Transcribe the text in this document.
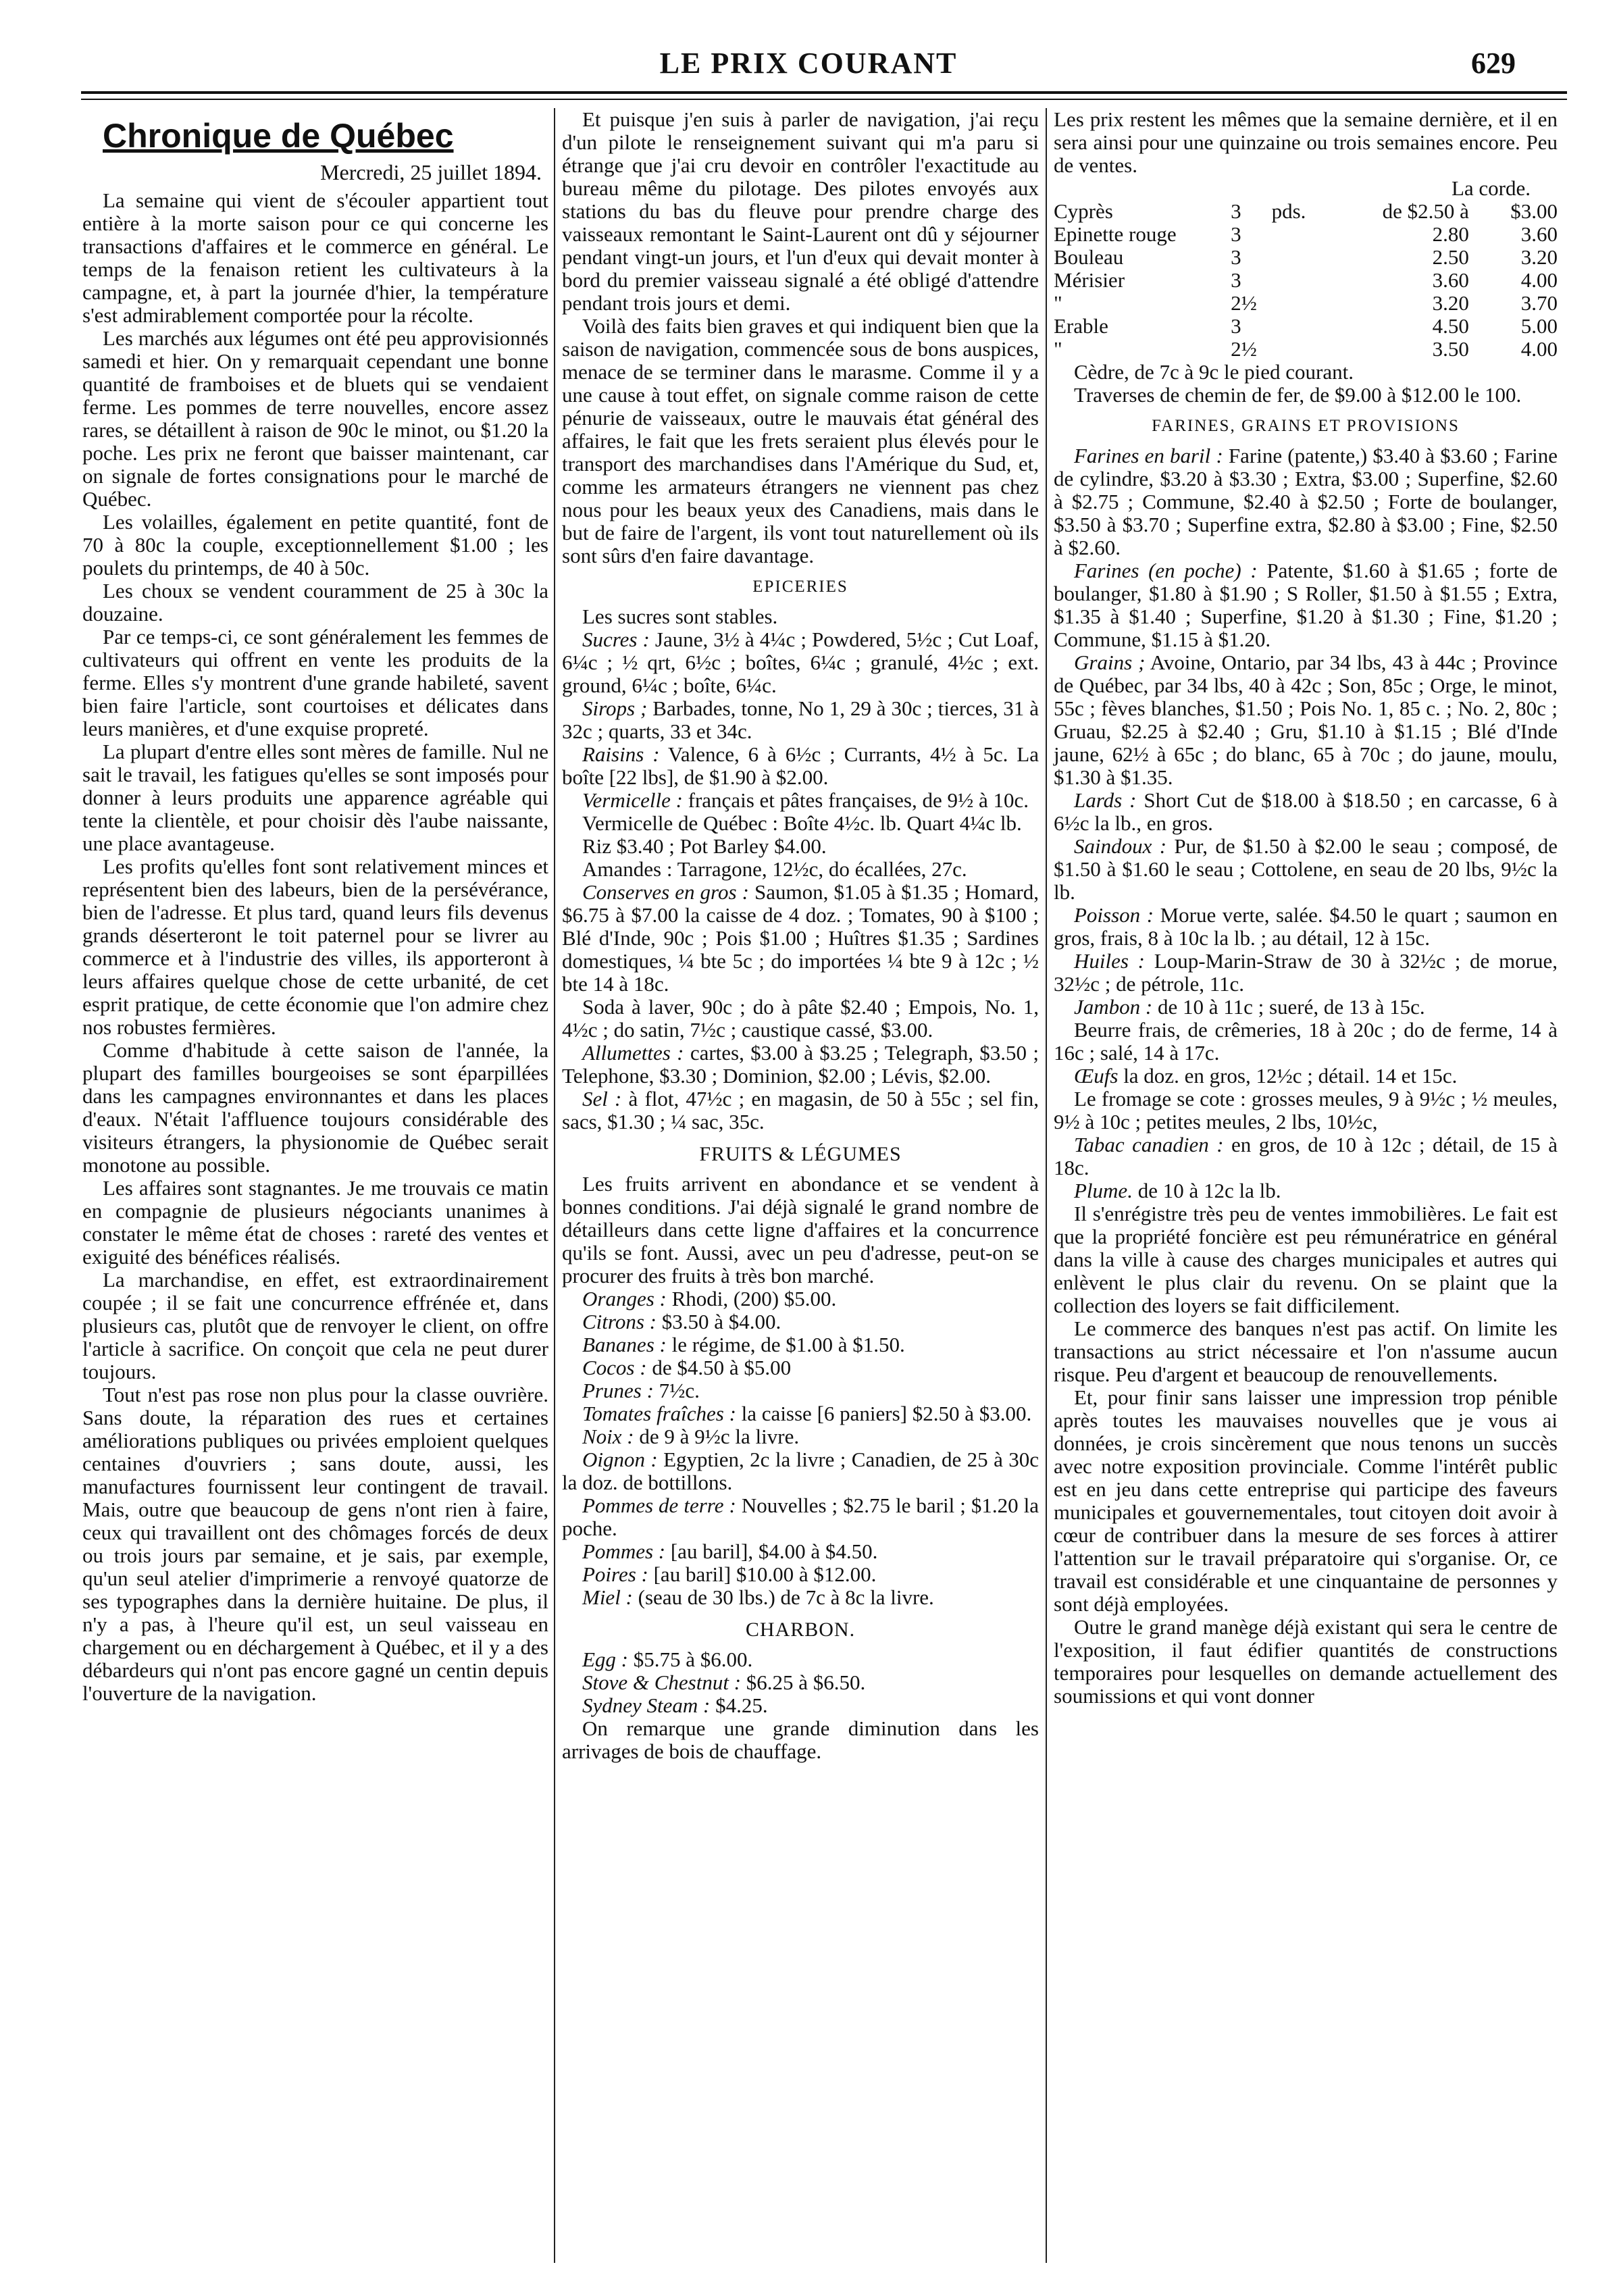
LE PRIX COURANT	629
Chronique de Québec
Mercredi, 25 juillet 1894.

La semaine qui vient de s'écouler appartient tout entière à la morte saison pour ce qui concerne les transactions d'affaires et le commerce en général. Le temps de la fenaison retient les cultivateurs à la campagne, et, à part la journée d'hier, la température s'est admirablement comportée pour la récolte.

Les marchés aux légumes ont été peu approvisionnés samedi et hier. On y remarquait cependant une bonne quantité de framboises et de bluets qui se vendaient ferme. Les pommes de terre nouvelles, encore assez rares, se détaillent à raison de 90c le minot, ou $1.20 la poche. Les prix ne feront que baisser maintenant, car on signale de fortes consignations pour le marché de Québec.

Les volailles, également en petite quantité, font de 70 à 80c la couple, exceptionnellement $1.00 ; les poulets du printemps, de 40 à 50c.

Les choux se vendent couramment de 25 à 30c la douzaine.

Par ce temps-ci, ce sont généralement les femmes de cultivateurs qui offrent en vente les produits de la ferme. Elles s'y montrent d'une grande habileté, savent bien faire l'article, sont courtoises et délicates dans leurs manières, et d'une exquise propreté.

La plupart d'entre elles sont mères de famille. Nul ne sait le travail, les fatigues qu'elles se sont imposés pour donner à leurs produits une apparence agréable qui tente la clientèle, et pour choisir dès l'aube naissante, une place avantageuse.

Les profits qu'elles font sont relativement minces et représentent bien des labeurs, bien de la persévérance, bien de l'adresse. Et plus tard, quand leurs fils devenus grands déserteront le toit paternel pour se livrer au commerce et à l'industrie des villes, ils apporteront à leurs affaires quelque chose de cette urbanité, de cet esprit pratique, de cette économie que l'on admire chez nos robustes fermières.

Comme d'habitude à cette saison de l'année, la plupart des familles bourgeoises se sont éparpillées dans les campagnes environnantes et dans les places d'eaux. N'était l'affluence toujours considérable des visiteurs étrangers, la physionomie de Québec serait monotone au possible.

Les affaires sont stagnantes. Je me trouvais ce matin en compagnie de plusieurs négociants unanimes à constater le même état de choses : rareté des ventes et exiguité des bénéfices réalisés.

La marchandise, en effet, est extraordinairement coupée ; il se fait une concurrence effrénée et, dans plusieurs cas, plutôt que de renvoyer le client, on offre l'article à sacrifice. On conçoit que cela ne peut durer toujours.

Tout n'est pas rose non plus pour la classe ouvrière. Sans doute, la réparation des rues et certaines améliorations publiques ou privées emploient quelques centaines d'ouvriers ; sans doute, aussi, les manufactures fournissent leur contingent de travail. Mais, outre que beaucoup de gens n'ont rien à faire, ceux qui travaillent ont des chômages forcés de deux ou trois jours par semaine, et je sais, par exemple, qu'un seul atelier d'imprimerie a renvoyé quatorze de ses typographes dans la dernière huitaine. De plus, il n'y a pas, à l'heure qu'il est, un seul vaisseau en chargement ou en déchargement à Québec, et il y a des débardeurs qui n'ont pas encore gagné un centin depuis l'ouverture de la navigation.

Et puisque j'en suis à parler de navigation, j'ai reçu d'un pilote le renseignement suivant qui m'a paru si étrange que j'ai cru devoir en contrôler l'exactitude au bureau même du pilotage. Des pilotes envoyés aux stations du bas du fleuve pour prendre charge des vaisseaux remontant le Saint-Laurent ont dû y séjourner pendant vingt-un jours, et l'un d'eux qui devait monter à bord du premier vaisseau signalé a été obligé d'attendre pendant trois jours et demi.

Voilà des faits bien graves et qui indiquent bien que la saison de navigation, commencée sous de bons auspices, menace de se terminer dans le marasme. Comme il y a une cause à tout effet, on signale comme raison de cette pénurie de vaisseaux, outre le mauvais état général des affaires, le fait que les frets seraient plus élevés pour le transport des marchandises dans l'Amérique du Sud, et, comme les armateurs étrangers ne viennent pas chez nous pour les beaux yeux des Canadiens, mais dans le but de faire de l'argent, ils vont tout naturellement où ils sont sûrs d'en faire davantage.

EPICERIES

Les sucres sont stables.

Sucres : Jaune, 3½ à 4¼c ; Powdered, 5½c ; Cut Loaf, 6¼c ; ½ qrt, 6½c ; boîtes, 6¼c ; granulé, 4½c ; ext. ground, 6¼c ; boîte, 6¼c.

Sirops ; Barbades, tonne, No 1, 29 à 30c ; tierces, 31 à 32c ; quarts, 33 et 34c.

Raisins : Valence, 6 à 6½c ; Currants, 4½ à 5c. La boîte [22 lbs], de $1.90 à $2.00.

Vermicelle : français et pâtes françaises, de 9½ à 10c.

Vermicelle de Québec : Boîte 4½c. lb. Quart 4¼c lb.

Riz $3.40 ; Pot Barley $4.00.

Amandes : Tarragone, 12½c, do écallées, 27c.

Conserves en gros : Saumon, $1.05 à $1.35 ; Homard, $6.75 à $7.00 la caisse de 4 doz. ; Tomates, 90 à $100 ; Blé d'Inde, 90c ; Pois $1.00 ; Huîtres $1.35 ; Sardines domestiques, ¼ bte 5c ; do importées ¼ bte 9 à 12c ; ½ bte 14 à 18c.

Soda à laver, 90c ; do à pâte $2.40 ; Empois, No. 1, 4½c ; do satin, 7½c ; caustique cassé, $3.00.

Allumettes : cartes, $3.00 à $3.25 ; Telegraph, $3.50 ; Telephone, $3.30 ; Dominion, $2.00 ; Lévis, $2.00.

Sel : à flot, 47½c ; en magasin, de 50 à 55c ; sel fin, sacs, $1.30 ; ¼ sac, 35c.

FRUITS & LÉGUMES

Les fruits arrivent en abondance et se vendent à bonnes conditions. J'ai déjà signalé le grand nombre de détailleurs dans cette ligne d'affaires et la concurrence qu'ils se font. Aussi, avec un peu d'adresse, peut-on se procurer des fruits à très bon marché.

Oranges : Rhodi, (200) $5.00.

Citrons : $3.50 à $4.00.

Bananes : le régime, de $1.00 à $1.50.

Cocos : de $4.50 à $5.00

Prunes : 7½c.

Tomates fraîches : la caisse [6 paniers] $2.50 à $3.00.

Noix : de 9 à 9½c la livre.

Oignon : Egyptien, 2c la livre ; Canadien, de 25 à 30c la doz. de bottillons.

Pommes de terre : Nouvelles ; $2.75 le baril ; $1.20 la poche.

Pommes : [au baril], $4.00 à $4.50.

Poires : [au baril] $10.00 à $12.00.

Miel : (seau de 30 lbs.) de 7c à 8c la livre.

CHARBON.

Egg : $5.75 à $6.00.

Stove & Chestnut : $6.25 à $6.50.

Sydney Steam : $4.25.

On remarque une grande diminution dans les arrivages de bois de chauffage.

Les prix restent les mêmes que la semaine dernière, et il en sera ainsi pour une quinzaine ou trois semaines encore. Peu de ventes.

La corde.
Cyprès	3	pds.	de $2.50 à	$3.00
Epinette rouge	3		2.80	3.60
Bouleau	3		2.50	3.20
Mérisier	3		3.60	4.00
"	2½		3.20	3.70
Erable	3		4.50	5.00
"	2½		3.50	4.00

Cèdre, de 7c à 9c le pied courant.

Traverses de chemin de fer, de $9.00 à $12.00 le 100.

FARINES, GRAINS ET PROVISIONS

Farines en baril : Farine (patente,) $3.40 à $3.60 ; Farine de cylindre, $3.20 à $3.30 ; Extra, $3.00 ; Superfine, $2.60 à $2.75 ; Commune, $2.40 à $2.50 ; Forte de boulanger, $3.50 à $3.70 ; Superfine extra, $2.80 à $3.00 ; Fine, $2.50 à $2.60.

Farines (en poche) : Patente, $1.60 à $1.65 ; forte de boulanger, $1.80 à $1.90 ; S Roller, $1.50 à $1.55 ; Extra, $1.35 à $1.40 ; Superfine, $1.20 à $1.30 ; Fine, $1.20 ; Commune, $1.15 à $1.20.

Grains ; Avoine, Ontario, par 34 lbs, 43 à 44c ; Province de Québec, par 34 lbs, 40 à 42c ; Son, 85c ; Orge, le minot, 55c ; fèves blanches, $1.50 ; Pois No. 1, 85 c. ; No. 2, 80c ; Gruau, $2.25 à $2.40 ; Gru, $1.10 à $1.15 ; Blé d'Inde jaune, 62½ à 65c ; do blanc, 65 à 70c ; do jaune, moulu, $1.30 à $1.35.

Lards : Short Cut de $18.00 à $18.50 ; en carcasse, 6 à 6½c la lb., en gros.

Saindoux : Pur, de $1.50 à $2.00 le seau ; composé, de $1.50 à $1.60 le seau ; Cottolene, en seau de 20 lbs, 9½c la lb.

Poisson : Morue verte, salée. $4.50 le quart ; saumon en gros, frais, 8 à 10c la lb. ; au détail, 12 à 15c.

Huiles : Loup-Marin-Straw de 30 à 32½c ; de morue, 32½c ; de pétrole, 11c.

Jambon : de 10 à 11c ; sueré, de 13 à 15c.

Beurre frais, de crêmeries, 18 à 20c ; do de ferme, 14 à 16c ; salé, 14 à 17c.

Œufs la doz. en gros, 12½c ; détail. 14 et 15c.

Le fromage se cote : grosses meules, 9 à 9½c ; ½ meules, 9½ à 10c ; petites meules, 2 lbs, 10½c,

Tabac canadien : en gros, de 10 à 12c ; détail, de 15 à 18c.

Plume. de 10 à 12c la lb.

Il s'enrégistre très peu de ventes immobilières. Le fait est que la propriété foncière est peu rémunératrice en général dans la ville à cause des charges municipales et autres qui enlèvent le plus clair du revenu. On se plaint que la collection des loyers se fait difficilement.

Le commerce des banques n'est pas actif. On limite les transactions au strict nécessaire et l'on n'assume aucun risque. Peu d'argent et beaucoup de renouvellements.

Et, pour finir sans laisser une impression trop pénible après toutes les mauvaises nouvelles que je vous ai données, je crois sincèrement que nous tenons un succès avec notre exposition provinciale. Comme l'intérêt public est en jeu dans cette entreprise qui participe des faveurs municipales et gouvernementales, tout citoyen doit avoir à cœur de contribuer dans la mesure de ses forces à attirer l'attention sur le travail préparatoire qui s'organise. Or, ce travail est considérable et une cinquantaine de personnes y sont déjà employées.

Outre le grand manège déjà existant qui sera le centre de l'exposition, il faut édifier quantités de constructions temporaires pour lesquelles on demande actuellement des soumissions et qui vont donner
